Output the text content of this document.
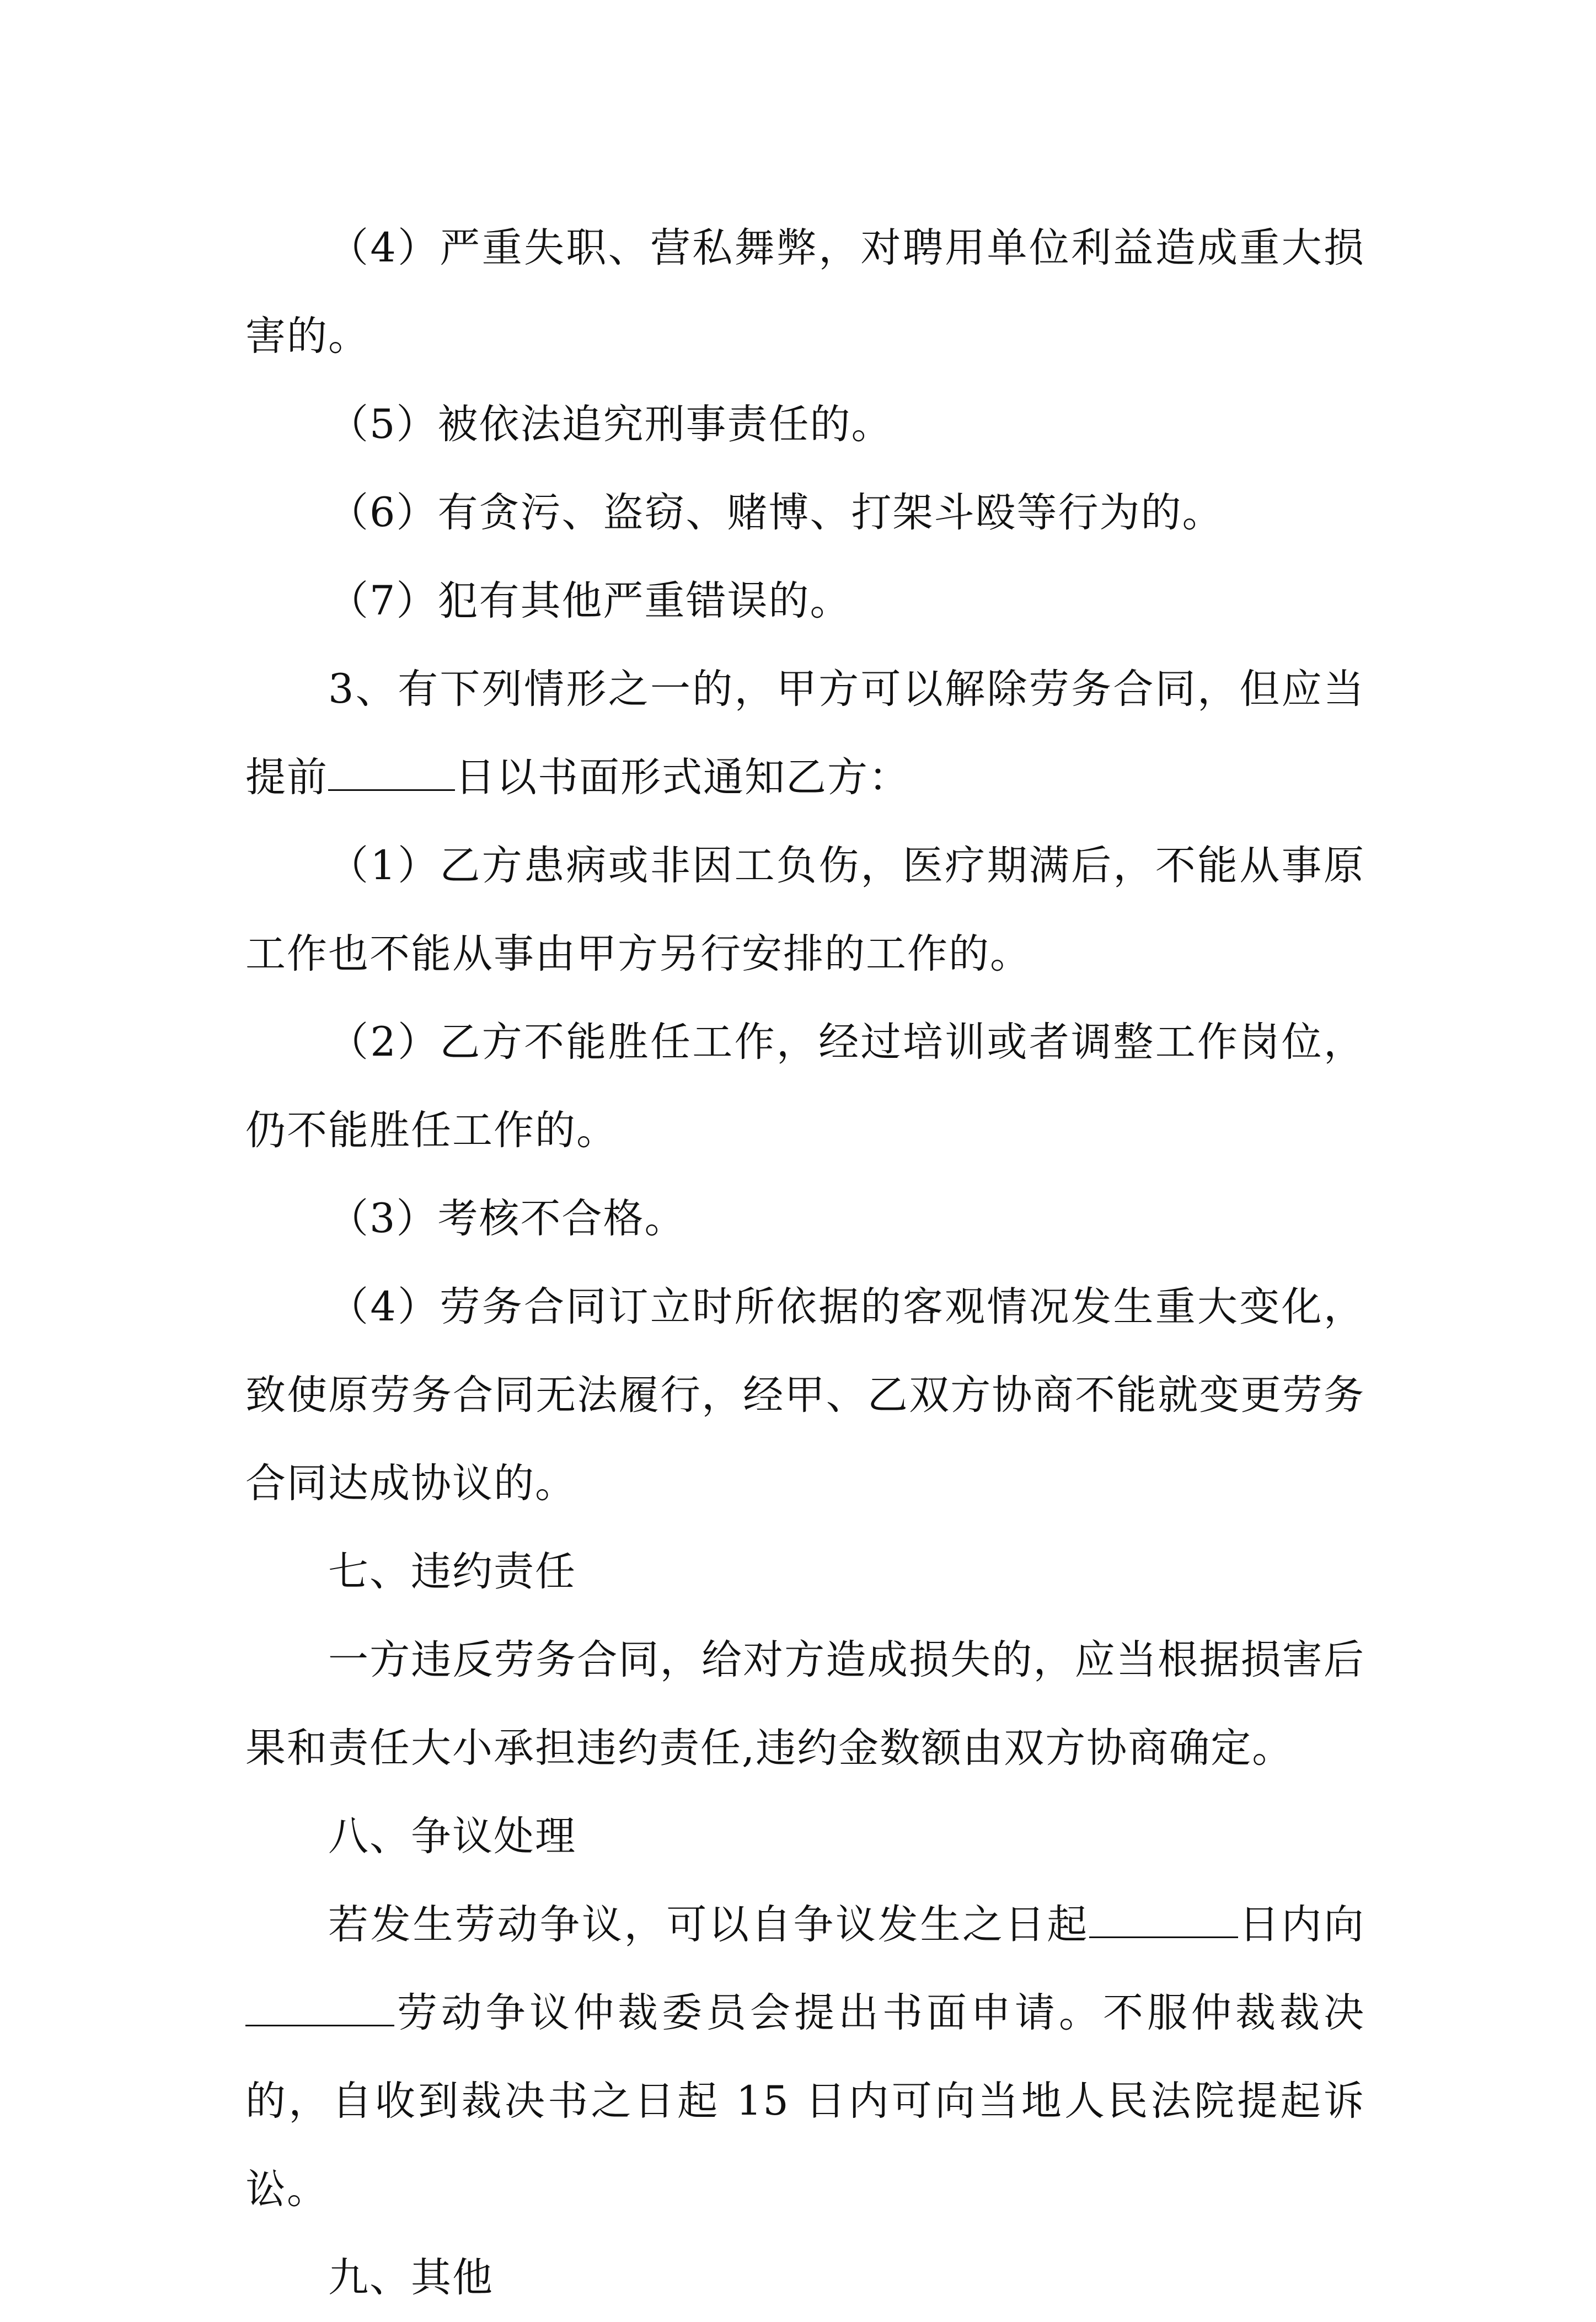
（4）严重失职、营私舞弊，对聘用单位利益造成重大损害的。

（5）被依法追究刑事责任的。

（6）有贪污、盗窃、赌博、打架斗殴等行为的。

（7）犯有其他严重错误的。

3、有下列情形之一的，甲方可以解除劳务合同，但应当提前	日以书面形式通知乙方：

（1）乙方患病或非因工负伤，医疗期满后，不能从事原工作也不能从事由甲方另行安排的工作的。

（2）乙方不能胜任工作，经过培训或者调整工作岗位，仍不能胜任工作的。

（3）考核不合格。

（4）劳务合同订立时所依据的客观情况发生重大变化，致使原劳务合同无法履行，经甲、乙双方协商不能就变更劳务合同达成协议的。

七、违约责任

一方违反劳务合同，给对方造成损失的，应当根据损害后果和责任大小承担违约责任,违约金数额由双方协商确定。

八、争议处理

若发生劳动争议，可以自争议发生之日起	日内向劳动争议仲裁委员会提出书面申请。不服仲裁裁决的，自收到裁决书之日起 15 日内可向当地人民法院提起诉讼。

九、其他
